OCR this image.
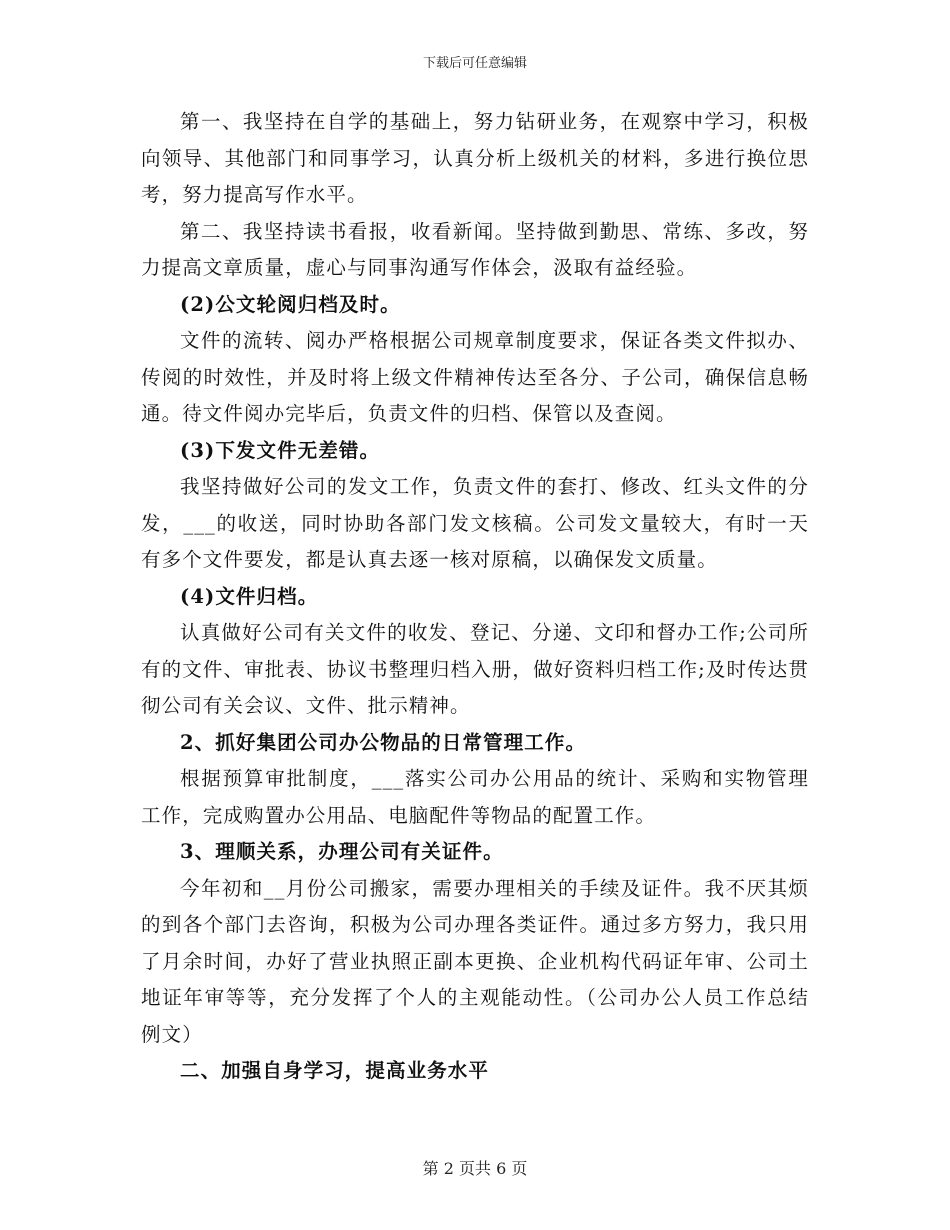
下载后可任意编辑

第一、我坚持在自学的基础上，努力钻研业务，在观察中学习，积极向领导、其他部门和同事学习，认真分析上级机关的材料，多进行换位思考，努力提高写作水平。

第二、我坚持读书看报，收看新闻。坚持做到勤思、常练、多改，努力提高文章质量，虚心与同事沟通写作体会，汲取有益经验。

(2)公文轮阅归档及时。

文件的流转、阅办严格根据公司规章制度要求，保证各类文件拟办、传阅的时效性，并及时将上级文件精神传达至各分、子公司，确保信息畅通。待文件阅办完毕后，负责文件的归档、保管以及查阅。

(3)下发文件无差错。

我坚持做好公司的发文工作，负责文件的套打、修改、红头文件的分发，___的收送，同时协助各部门发文核稿。公司发文量较大，有时一天有多个文件要发，都是认真去逐一核对原稿，以确保发文质量。

(4)文件归档。

认真做好公司有关文件的收发、登记、分递、文印和督办工作;公司所有的文件、审批表、协议书整理归档入册，做好资料归档工作;及时传达贯彻公司有关会议、文件、批示精神。

2、抓好集团公司办公物品的日常管理工作。

根据预算审批制度，___落实公司办公用品的统计、采购和实物管理工作，完成购置办公用品、电脑配件等物品的配置工作。

3、理顺关系，办理公司有关证件。

今年初和__月份公司搬家，需要办理相关的手续及证件。我不厌其烦的到各个部门去咨询，积极为公司办理各类证件。通过多方努力，我只用了月余时间，办好了营业执照正副本更换、企业机构代码证年审、公司土地证年审等等，充分发挥了个人的主观能动性。（公司办公人员工作总结例文）

二、加强自身学习，提高业务水平

第 2 页共 6 页
